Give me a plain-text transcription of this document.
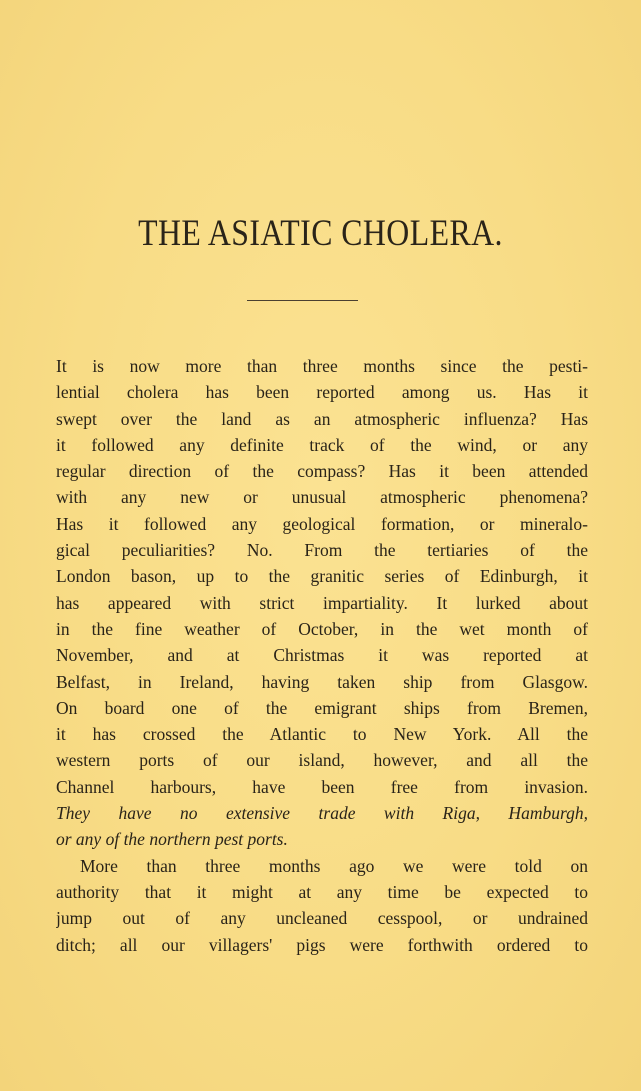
THE ASIATIC CHOLERA.
It is now more than three months since the pesti-
lential cholera has been reported among us. Has it
swept over the land as an atmospheric influenza? Has
it followed any definite track of the wind, or any
regular direction of the compass? Has it been attended
with any new or unusual atmospheric phenomena?
Has it followed any geological formation, or mineralo-
gical peculiarities? No. From the tertiaries of the
London bason, up to the granitic series of Edinburgh, it
has appeared with strict impartiality. It lurked about
in the fine weather of October, in the wet month of
November, and at Christmas it was reported at
Belfast, in Ireland, having taken ship from Glasgow.
On board one of the emigrant ships from Bremen,
it has crossed the Atlantic to New York. All the
western ports of our island, however, and all the
Channel harbours, have been free from invasion.
They have no extensive trade with Riga, Hamburgh,
or any of the northern pest ports.
More than three months ago we were told on
authority that it might at any time be expected to
jump out of any uncleaned cesspool, or undrained
ditch; all our villagers' pigs were forthwith ordered to
